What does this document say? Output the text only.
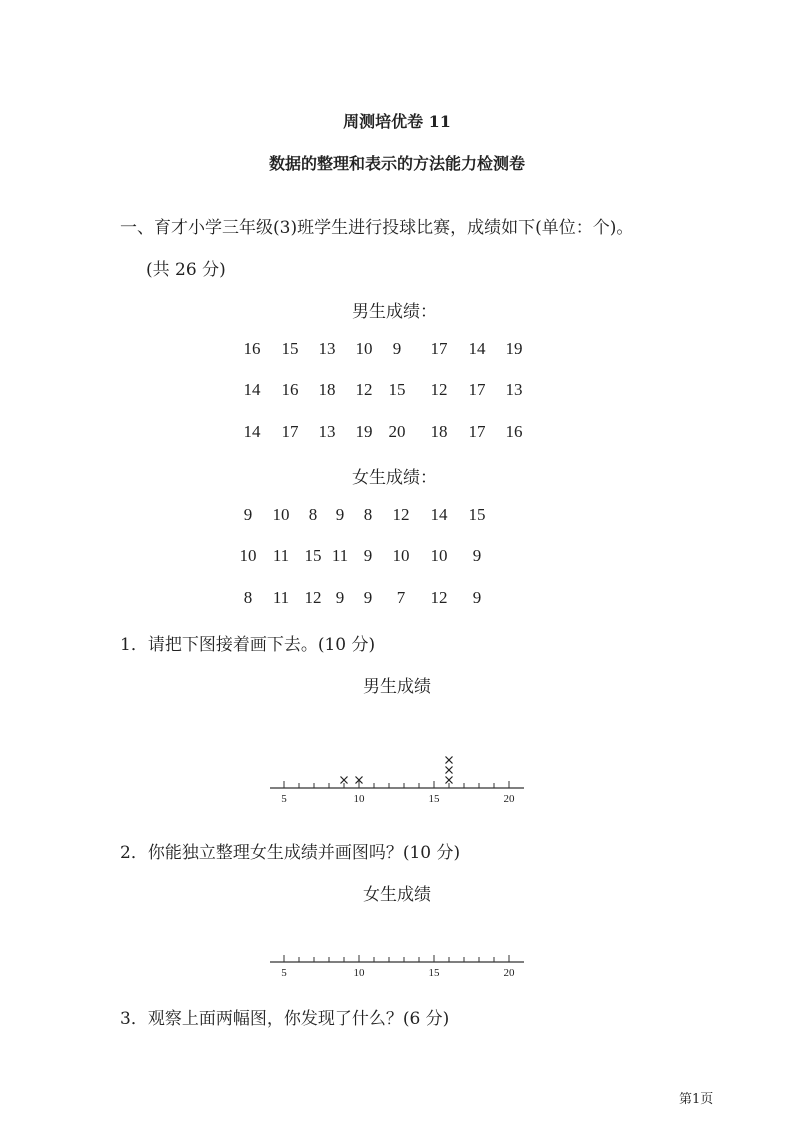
周测培优卷 11
数据的整理和表示的方法能力检测卷
一、育才小学三年级(3)班学生进行投球比赛，成绩如下(单位：个)。
(共 26 分)
男生成绩：
16 15 13 10 9 17 14 19
14 16 18 12 15 12 17 13
14 17 13 19 20 18 17 16
女生成绩：
9 10 8 9 8 12 14 15
10 11 15 11 9 10 10 9
8 11 12 9 9 7 12 9
1．请把下图接着画下去。(10 分)
男生成绩
5	10	15	20
2．你能独立整理女生成绩并画图吗？(10 分)
女生成绩
5	10	15	20
3．观察上面两幅图，你发现了什么？(6 分)
第1页
